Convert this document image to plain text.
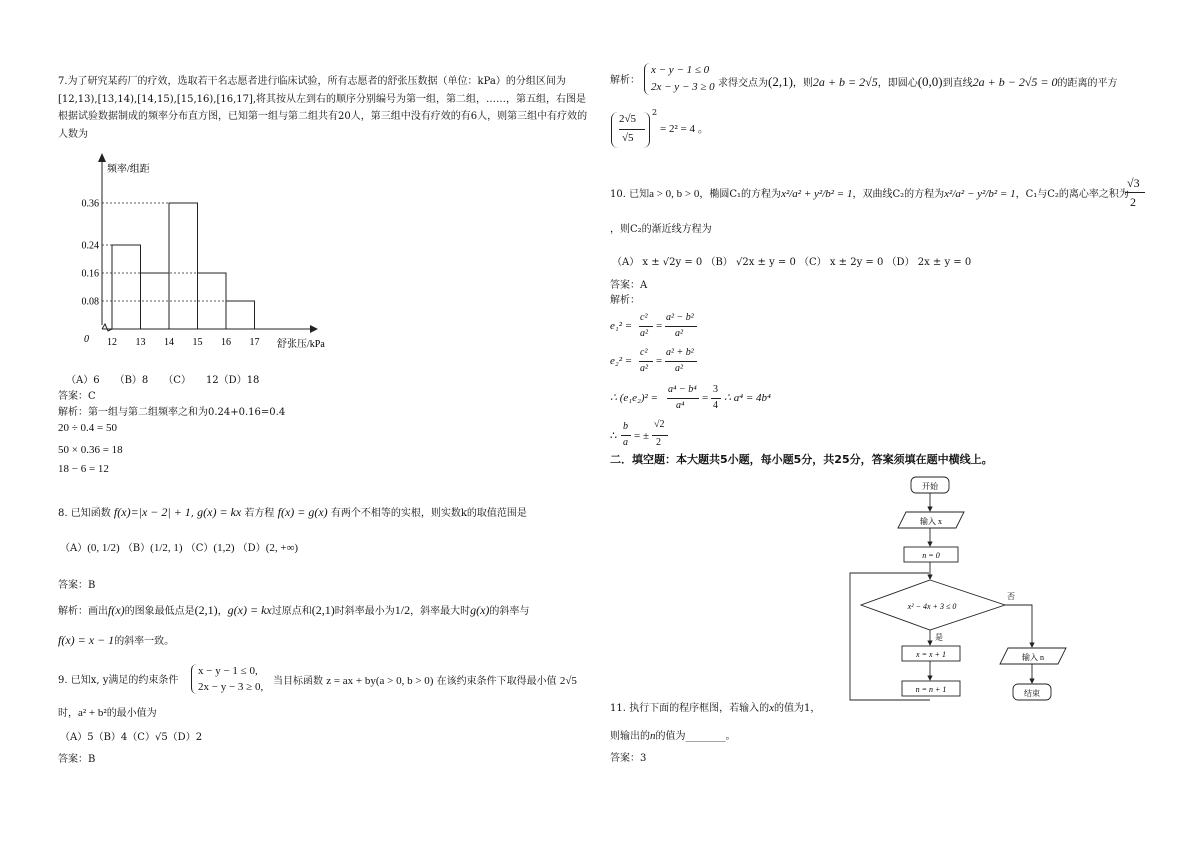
7.为了研究某药厂的疗效，选取若干名志愿者进行临床试验，所有志愿者的舒张压数据（单位：kPa）的分组区间为[12,13),[13,14),[14,15),[15,16),[16,17],将其按从左到右的顺序分别编号为第一组，第二组，……，第五组，右图是根据试验数据制成的频率分布直方图，已知第一组与第二组共有20人，第三组中没有疗效的有6人，则第三组中有疗效的人数为
0.08
0.16
0.24
0.36
12 13 14 15 16 17
0
频率/组距
舒张压/kPa
（A）6　　（B）8　　（C）　　12（D）18
答案：C
解析：第一组与第二组频率之和为0.24+0.16=0.4
20 ÷ 0.4 = 50
50 × 0.36 = 18
18 − 6 = 12
8. 已知函数 f(x)=|x − 2| + 1, g(x) = kx 若方程 f(x) = g(x) 有两个不相等的实根，则实数k的取值范围是
（A）(0, 1/2) （B）(1/2, 1) （C）(1,2) （D）(2, +∞)
答案：B
解析：画出f(x)的图象最低点是(2,1)，g(x) = kx过原点和(2,1)时斜率最小为1/2，斜率最大时g(x)的斜率与
f(x) = x − 1的斜率一致。
9. 已知x, y满足的约束条件
x − y − 1 ≤ 0,
2x − y − 3 ≥ 0, 当目标函数 z = ax + by(a > 0, b > 0) 在该约束条件下取得最小值 2√5
时，a² + b²的最小值为
（A）5（B）4（C）√5（D）2
答案：B
解析：
x − y − 1 ≤ 0
2x − y − 3 ≥ 0 求得交点为(2,1)，则2a + b = 2√5，即圆心(0,0)到直线2a + b − 2√5 = 0的距离的平方
2√5
√5
2
= 2² = 4 。
10. 已知a > 0, b > 0，椭圆C₁的方程为x²/a² + y²/b² = 1，双曲线C₂的方程为x²/a² − y²/b² = 1，C₁与C₂的离心率之积为
√3
2
，则C₂的渐近线方程为
（A） x ± √2y = 0 （B） √2x ± y = 0 （C） x ± 2y = 0 （D） 2x ± y = 0
答案：A
解析：
e₁² =
c²
a²
=
a² − b²
a²
e₂² =
c²
a²
=
a² + b²
a²
∴ (e₁e₂)² =
a⁴ − b⁴
a⁴
=
3
4
∴ a⁴ = 4b⁴
∴
b
a
= ±
√2
2
二．填空题：本大题共5小题，每小题5分，共25分，答案须填在题中横线上。
开始
输入 x
n = 0
x² − 4x + 3 ≤ 0
否
是
x = x + 1
n = n + 1
输入 n
结束
11. 执行下面的程序框图，若输入的x的值为1，
则输出的n的值为________。
答案：3
